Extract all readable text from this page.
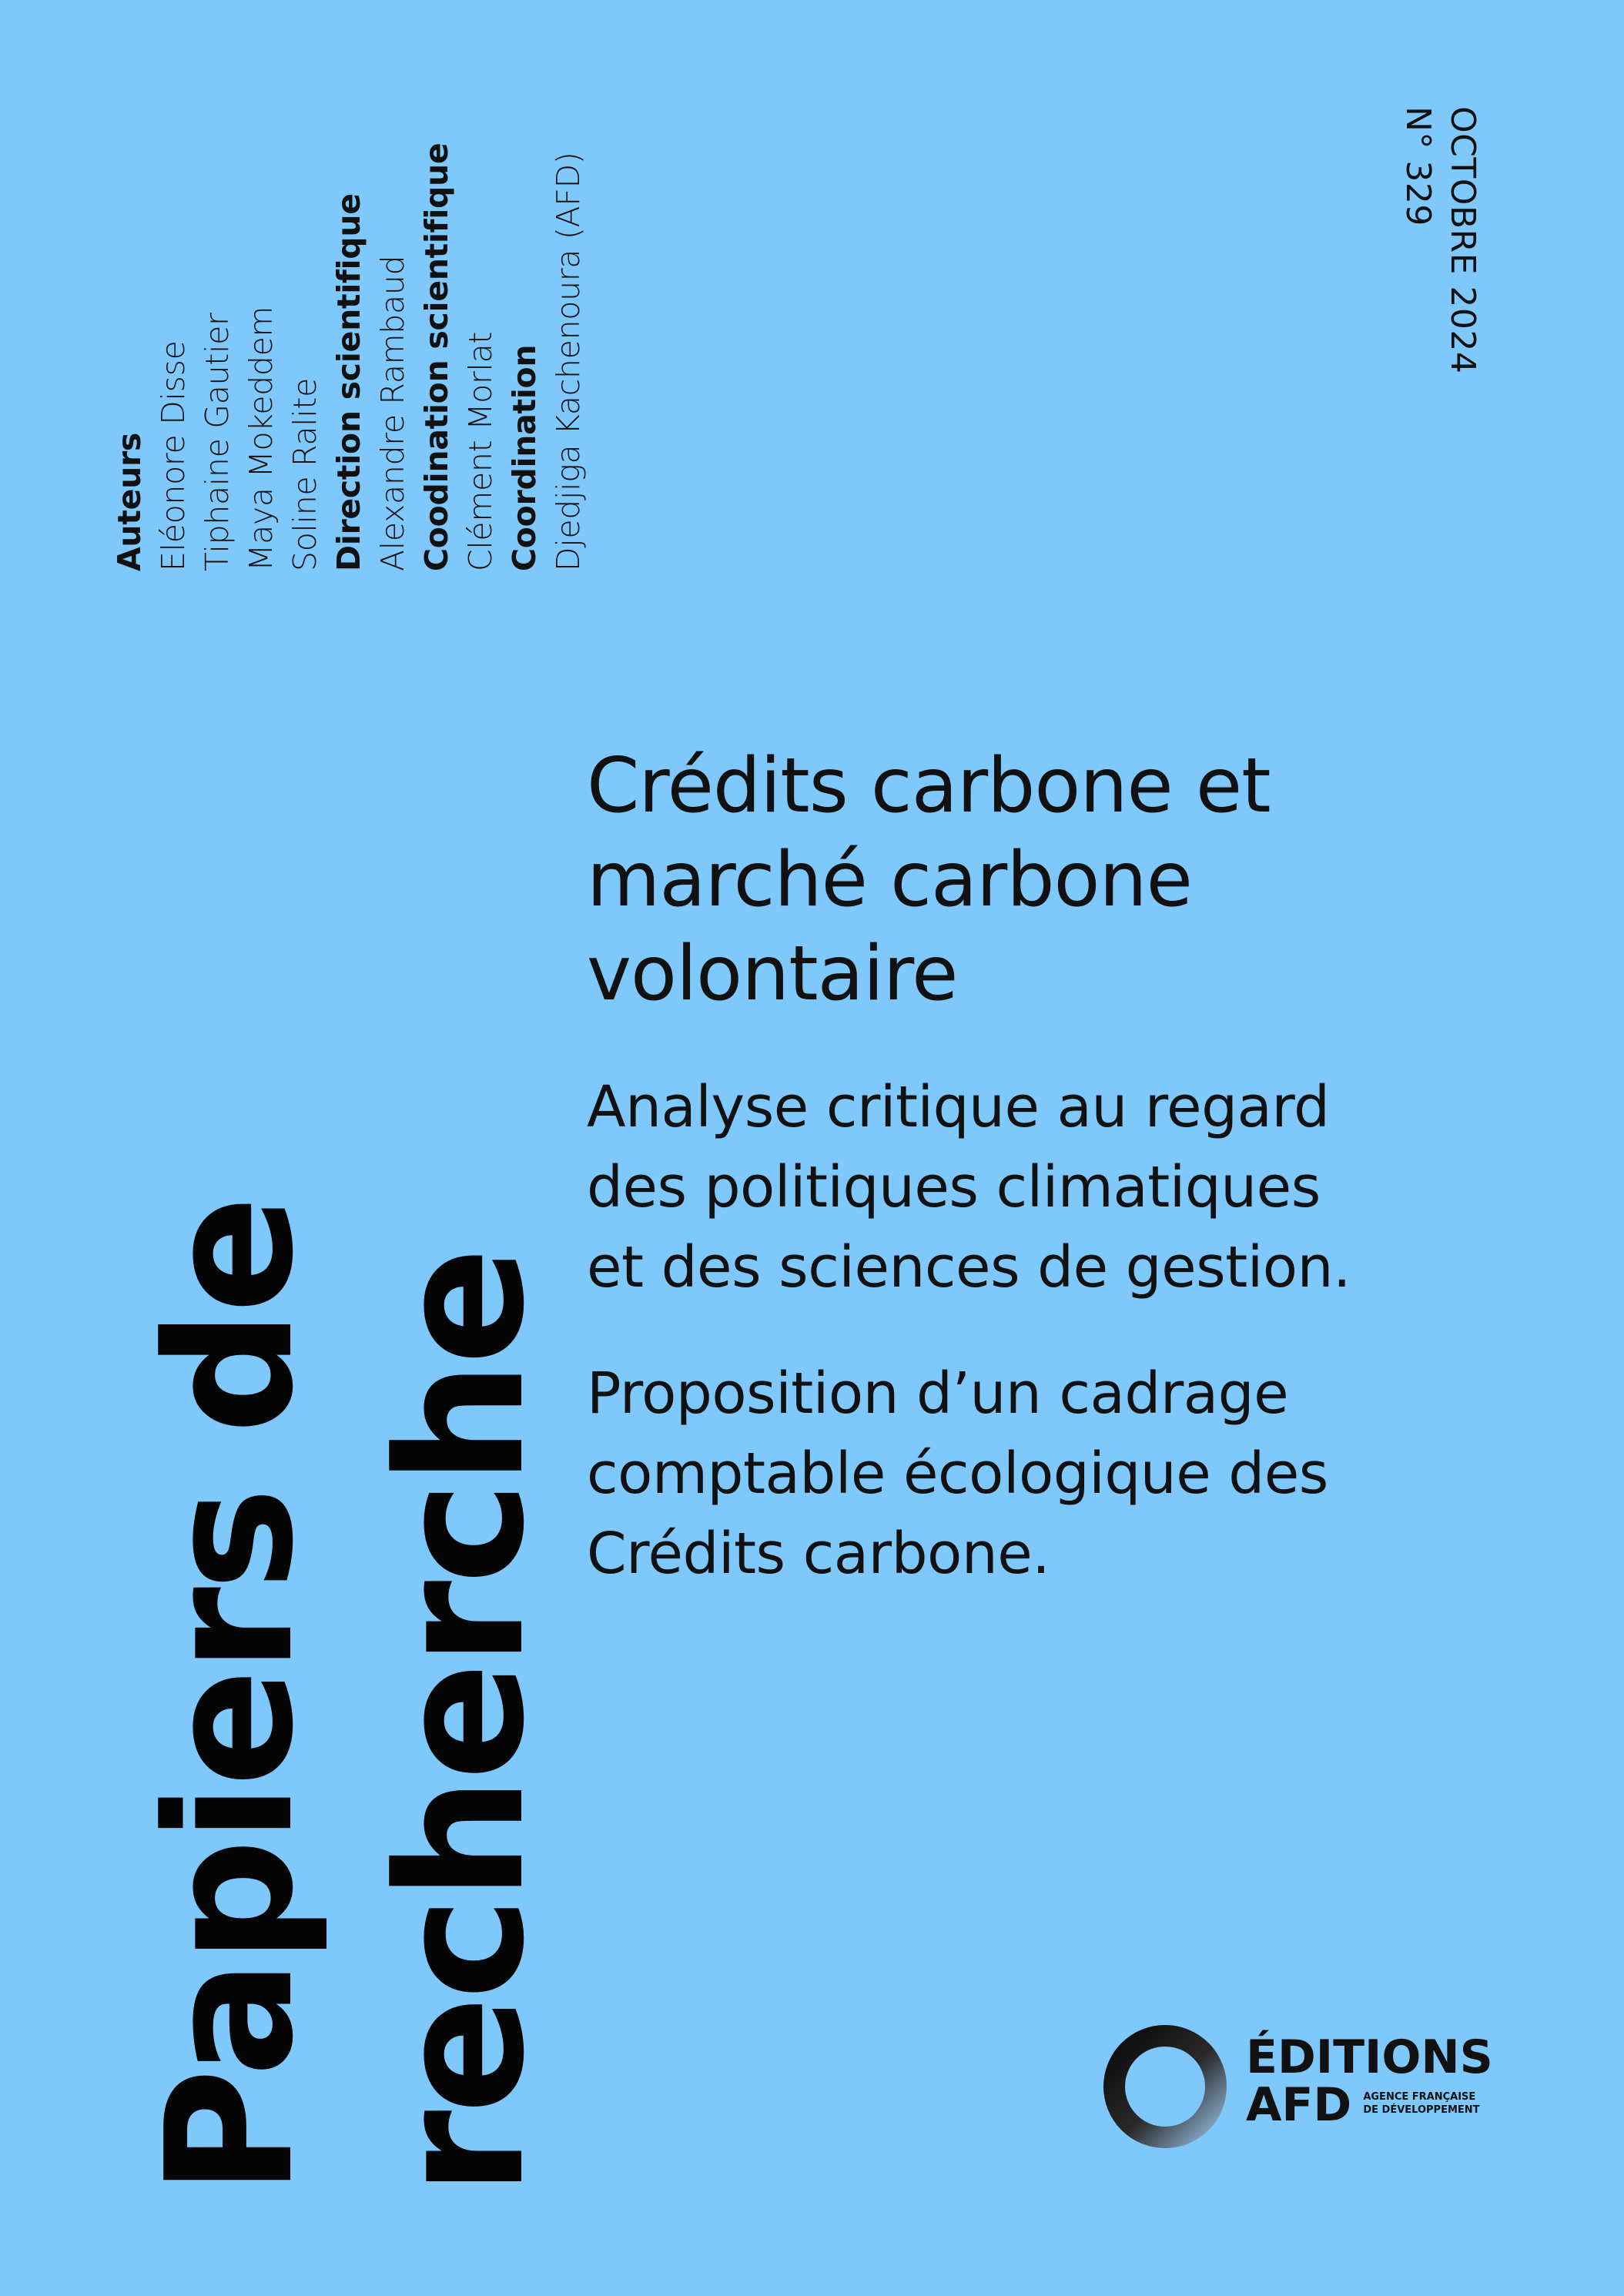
Auteurs Eléonore Disse Tiphaine Gautier Maya Mokeddem Soline Ralite Direction scientifique Alexandre Rambaud Coodination scientifique Clément Morlat Coordination Djedjiga Kachenoura (AFD)	OCTOBRE 2024
N° 329
Papiers de recherche
Crédits carbone et
marché carbone
volontaire

Analyse critique au regard
des politiques climatiques
et des sciences de gestion.

Proposition d’un cadrage
comptable écologique des
Crédits carbone.

ÉDITIONS
AFD AGENCE FRANÇAISE
DE DÉVELOPPEMENT
